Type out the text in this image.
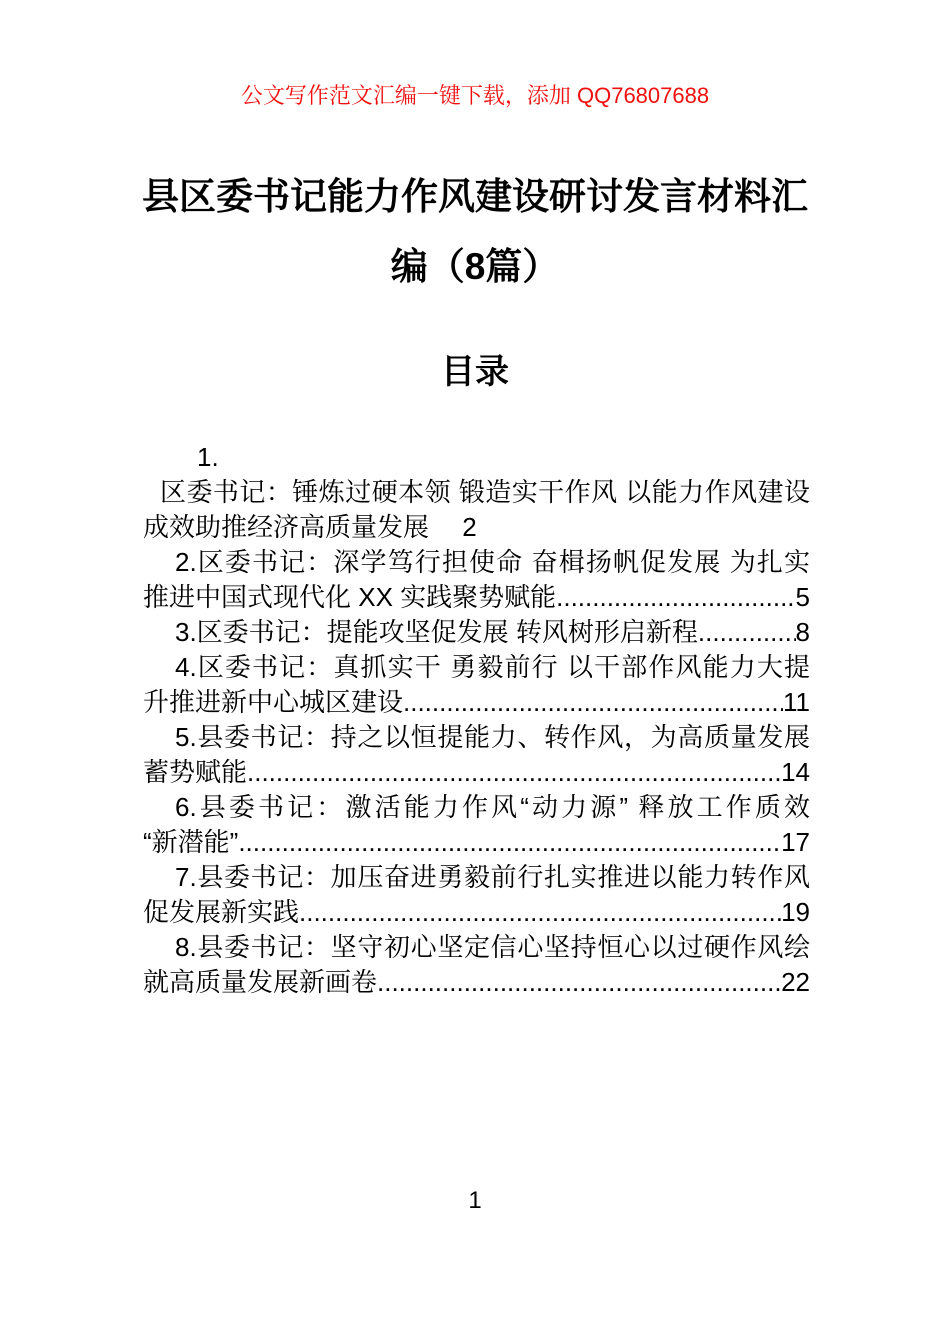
公文写作范文汇编一键下载，添加 QQ76807688
县区委书记能力作风建设研讨发言材料汇
编（8篇）
目录
1.
区委书记：锤炼过硬本领 锻造实干作风 以能力作风建设
成效助推经济高质量发展　 2
2.区委书记：深学笃行担使命 奋楫扬帆促发展 为扎实
推进中国式现代化 XX 实践聚势赋能 .....	5
3.区委书记：提能攻坚促发展 转风树形启新程 .....	8
4.区委书记：真抓实干 勇毅前行 以干部作风能力大提
升推进新中心城区建设 .....	11
5.县委书记：持之以恒提能力、转作风，为高质量发展
蓄势赋能 .....	14
6.县委书记：激活能力作风“动力源” 释放工作质效
“新潜能” .....	17
7.县委书记：加压奋进勇毅前行扎实推进以能力转作风
促发展新实践 .....	19
8.县委书记：坚守初心坚定信心坚持恒心以过硬作风绘
就高质量发展新画卷 .....	22
1
